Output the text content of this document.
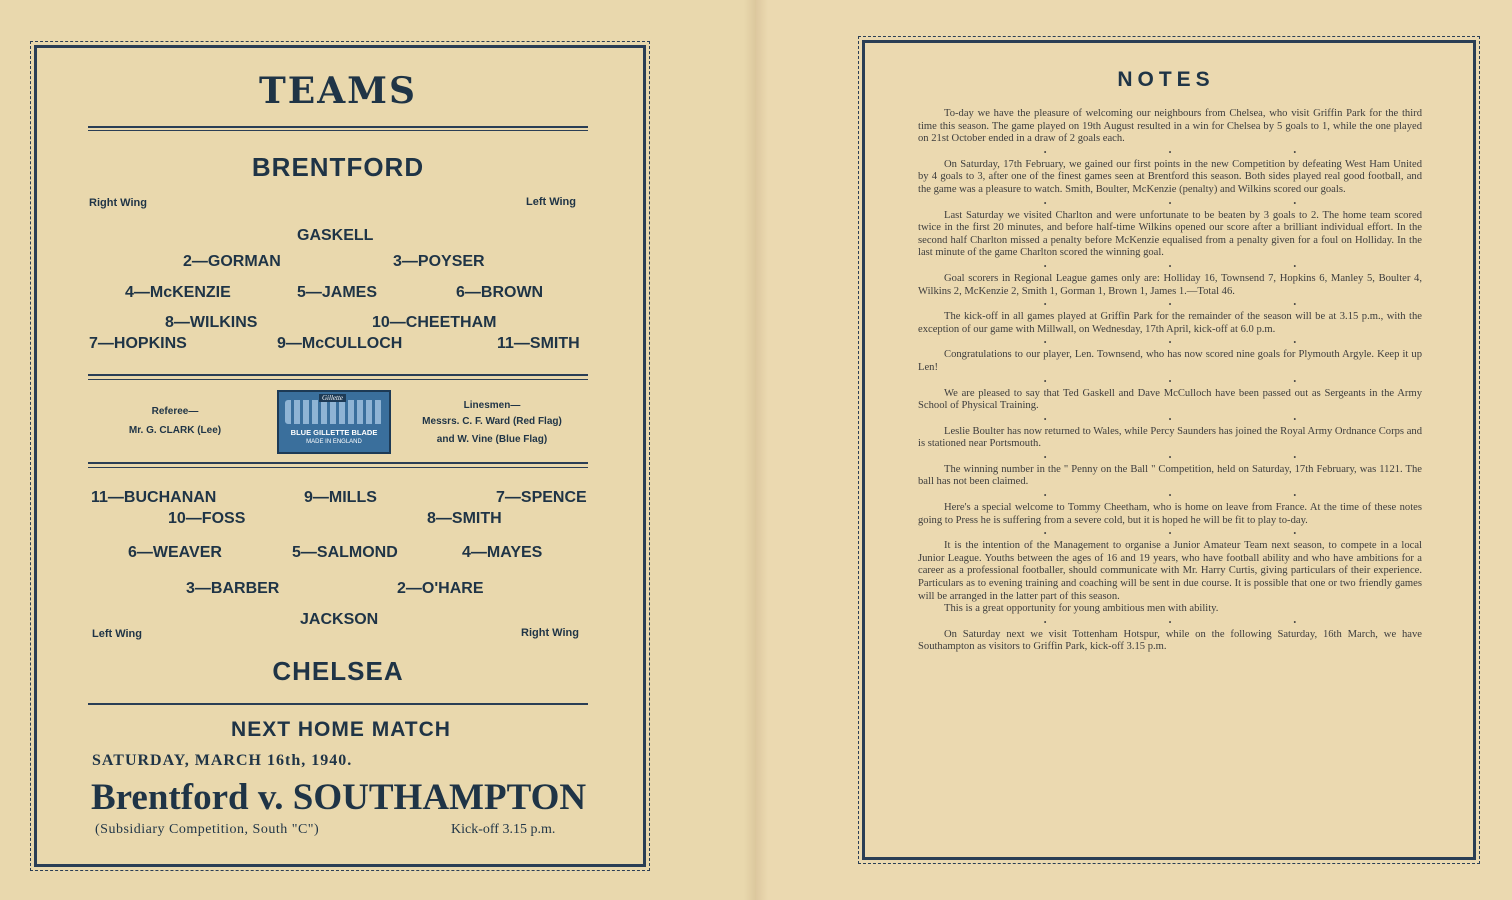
TEAMS
BRENTFORD
Right Wing	Left Wing
GASKELL
2—GORMAN	3—POYSER
4—McKENZIE	5—JAMES	6—BROWN
8—WILKINS	10—CHEETHAM
7—HOPKINS	9—McCULLOCH	11—SMITH
Referee—
Mr. G. CLARK (Lee)
Gillette
BLUE GILLETTE BLADE
MADE IN ENGLAND
Linesmen—
Messrs. C. F. Ward (Red Flag)
and W. Vine (Blue Flag)
11—BUCHANAN	9—MILLS	7—SPENCE
10—FOSS	8—SMITH
6—WEAVER	5—SALMOND	4—MAYES
3—BARBER	2—O'HARE
JACKSON
Left Wing	Right Wing
CHELSEA
NEXT HOME MATCH
SATURDAY, MARCH 16th, 1940.
Brentford v. SOUTHAMPTON
(Subsidiary Competition, South "C")	Kick-off 3.15 p.m.
NOTES

To-day we have the pleasure of welcoming our neighbours from Chelsea, who visit Griffin Park for the third time this season. The game played on 19th August resulted in a win for Chelsea by 5 goals to 1, while the one played on 21st October ended in a draw of 2 goals each.

• • •

On Saturday, 17th February, we gained our first points in the new Competition by defeating West Ham United by 4 goals to 3, after one of the finest games seen at Brentford this season. Both sides played real good football, and the game was a pleasure to watch. Smith, Boulter, McKenzie (penalty) and Wilkins scored our goals.

• • •

Last Saturday we visited Charlton and were unfortunate to be beaten by 3 goals to 2. The home team scored twice in the first 20 minutes, and before half-time Wilkins opened our score after a brilliant individual effort. In the second half Charlton missed a penalty before McKenzie equalised from a penalty given for a foul on Holliday. In the last minute of the game Charlton scored the winning goal.

• • •

Goal scorers in Regional League games only are: Holliday 16, Townsend 7, Hopkins 6, Manley 5, Boulter 4, Wilkins 2, McKenzie 2, Smith 1, Gorman 1, Brown 1, James 1.—Total 46.

• • •

The kick-off in all games played at Griffin Park for the remainder of the season will be at 3.15 p.m., with the exception of our game with Millwall, on Wednesday, 17th April, kick-off at 6.0 p.m.

• • •

Congratulations to our player, Len. Townsend, who has now scored nine goals for Plymouth Argyle. Keep it up Len!

• • •

We are pleased to say that Ted Gaskell and Dave McCulloch have been passed out as Sergeants in the Army School of Physical Training.

• • •

Leslie Boulter has now returned to Wales, while Percy Saunders has joined the Royal Army Ordnance Corps and is stationed near Portsmouth.

• • •

The winning number in the " Penny on the Ball " Competition, held on Saturday, 17th February, was 1121. The ball has not been claimed.

• • •

Here's a special welcome to Tommy Cheetham, who is home on leave from France. At the time of these notes going to Press he is suffering from a severe cold, but it is hoped he will be fit to play to-day.

• • •

It is the intention of the Management to organise a Junior Amateur Team next season, to compete in a local Junior League. Youths between the ages of 16 and 19 years, who have football ability and who have ambitions for a career as a professional footballer, should communicate with Mr. Harry Curtis, giving particulars of their experience. Particulars as to evening training and coaching will be sent in due course. It is possible that one or two friendly games will be arranged in the latter part of this season.

This is a great opportunity for young ambitious men with ability.

• • •

On Saturday next we visit Tottenham Hotspur, while on the following Saturday, 16th March, we have Southampton as visitors to Griffin Park, kick-off 3.15 p.m.
